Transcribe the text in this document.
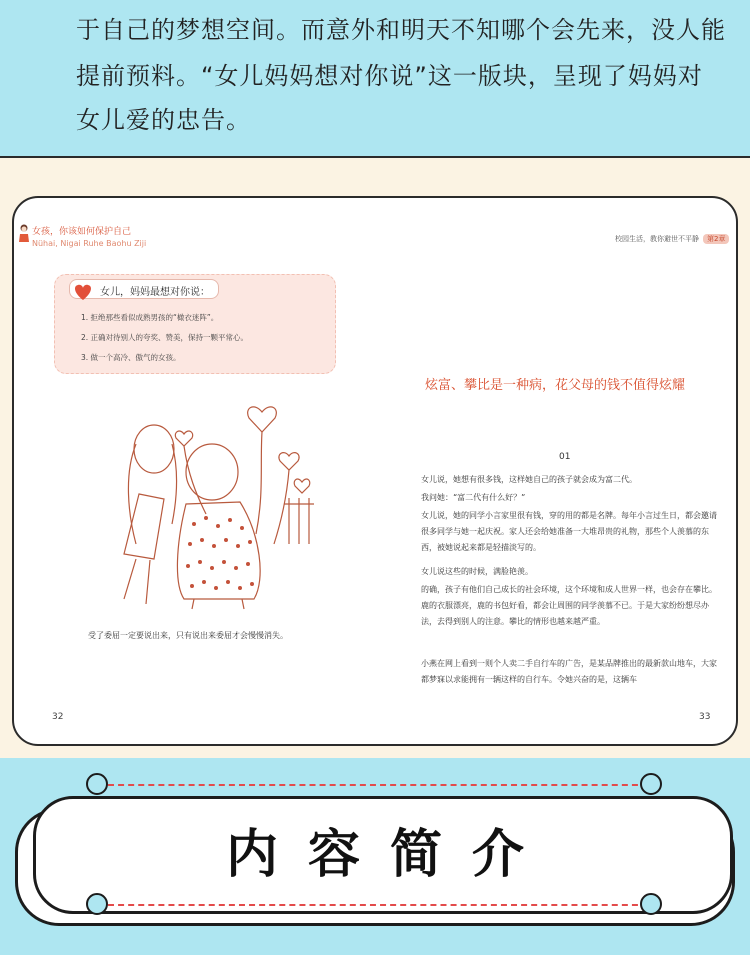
于自己的梦想空间。而意外和明天不知哪个会先来，没人能
提前预料。“女儿妈妈想对你说”这一版块，呈现了妈妈对
女儿爱的忠告。
女孩，你该如何保护自己
Nühai, Nigai Ruhe Baohu Ziji
女儿，妈妈最想对你说：
1. 拒绝那些看似成熟男孩的“橄衣迷阵”。
2. 正确对待别人的夸奖、赞美，保持一颗平常心。
3. 做一个高冷、傲气的女孩。
受了委屈一定要说出来，只有说出来委屈才会慢慢消失。
32
校园生活，教你避世不平静 第2章
炫富、攀比是一种病，花父母的钱不值得炫耀
01
女儿说，她想有很多钱，这样她自己的孩子就会成为富二代。
我问她：“富二代有什么好？”
女儿说，她的同学小言家里很有钱，穿的用的都是名牌。每年小言过生日，都会邀请很多同学与她一起庆祝。家人还会给她准备一大堆昂贵的礼物，那些个人羡慕的东西，被她说起来都是轻描淡写的。
女儿说这些的时候，满脸艳羡。
的确，孩子有他们自己成长的社会环境，这个环境和成人世界一样，也会存在攀比。鹿的衣服漂亮，鹿的书包好看，都会让周围的同学羡慕不已。于是大家纷纷想尽办法，去得到别人的注意。攀比的情形也越来越严重。
小燕在网上看到一则个人卖二手自行车的广告，是某品牌推出的最新款山地车，大家都梦寐以求能拥有一辆这样的自行车。令她兴奋的是，这辆车
33
内容简介
